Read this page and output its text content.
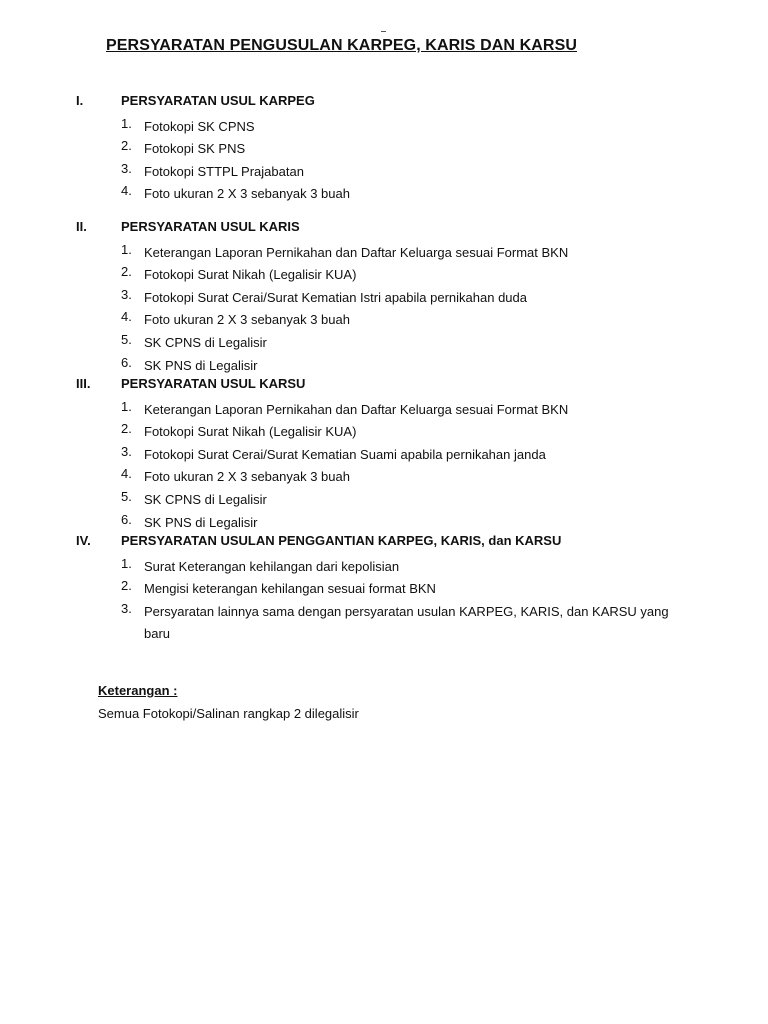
PERSYARATAN PENGUSULAN KARPEG, KARIS DAN KARSU
I.	PERSYARATAN USUL KARPEG
1. Fotokopi SK CPNS
2. Fotokopi SK PNS
3. Fotokopi STTPL Prajabatan
4. Foto ukuran 2 X 3 sebanyak 3 buah
II.	PERSYARATAN USUL KARIS
1. Keterangan Laporan Pernikahan dan Daftar Keluarga sesuai Format BKN
2. Fotokopi Surat Nikah (Legalisir KUA)
3. Fotokopi Surat Cerai/Surat Kematian Istri apabila pernikahan duda
4. Foto ukuran 2 X 3 sebanyak 3 buah
5. SK CPNS di Legalisir
6. SK PNS di Legalisir
III. PERSYARATAN USUL KARSU
1. Keterangan Laporan Pernikahan dan Daftar Keluarga sesuai Format BKN
2. Fotokopi Surat Nikah (Legalisir KUA)
3. Fotokopi Surat Cerai/Surat Kematian Suami apabila pernikahan janda
4. Foto ukuran 2 X 3 sebanyak 3 buah
5. SK CPNS di Legalisir
6. SK PNS di Legalisir
IV. PERSYARATAN USULAN PENGGANTIAN KARPEG, KARIS, dan KARSU
1. Surat Keterangan kehilangan dari kepolisian
2. Mengisi keterangan kehilangan sesuai format BKN
3. Persyaratan lainnya sama dengan persyaratan usulan KARPEG, KARIS, dan KARSU yang baru
Keterangan :
Semua Fotokopi/Salinan rangkap 2 dilegalisir
